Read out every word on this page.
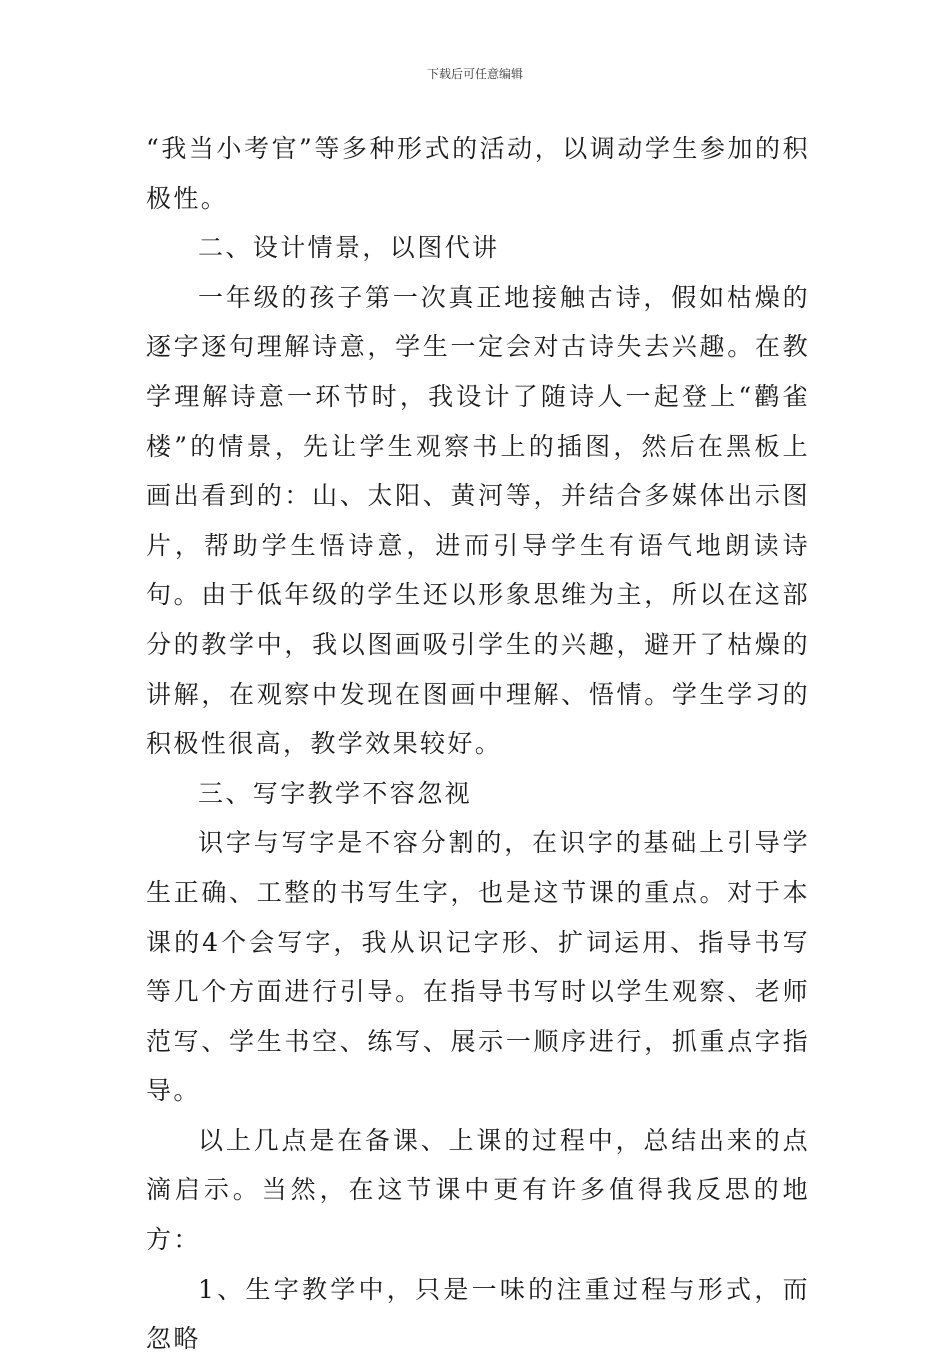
下载后可任意编辑

“我当小考官”等多种形式的活动，以调动学生参加的积极性。

二、设计情景，以图代讲

一年级的孩子第一次真正地接触古诗，假如枯燥的逐字逐句理解诗意，学生一定会对古诗失去兴趣。在教学理解诗意一环节时，我设计了随诗人一起登上“鹳雀楼”的情景，先让学生观察书上的插图，然后在黑板上画出看到的：山、太阳、黄河等，并结合多媒体出示图片，帮助学生悟诗意，进而引导学生有语气地朗读诗句。由于低年级的学生还以形象思维为主，所以在这部分的教学中，我以图画吸引学生的兴趣，避开了枯燥的讲解，在观察中发现在图画中理解、悟情。学生学习的积极性很高，教学效果较好。

三、写字教学不容忽视

识字与写字是不容分割的，在识字的基础上引导学生正确、工整的书写生字，也是这节课的重点。对于本课的4个会写字，我从识记字形、扩词运用、指导书写等几个方面进行引导。在指导书写时以学生观察、老师范写、学生书空、练写、展示一顺序进行，抓重点字指导。

以上几点是在备课、上课的过程中，总结出来的点滴启示。当然，在这节课中更有许多值得我反思的地方：

1、生字教学中，只是一味的注重过程与形式，而忽略
